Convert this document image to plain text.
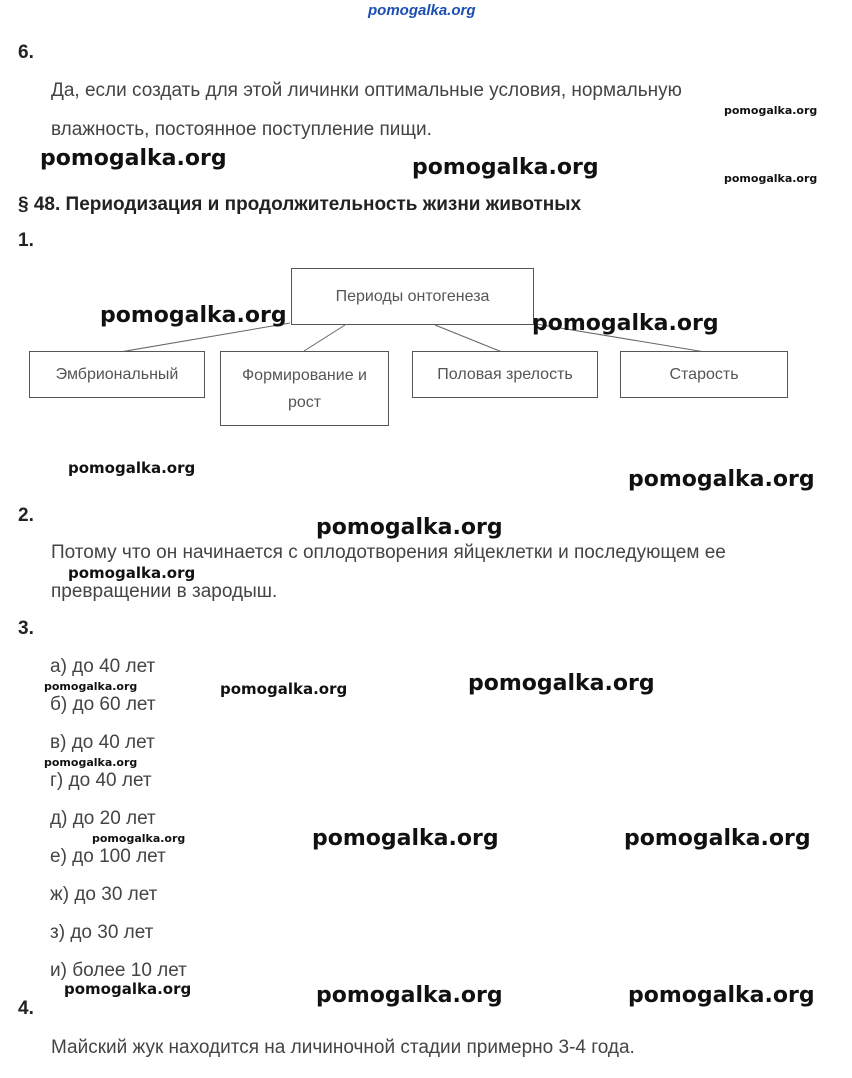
pomogalka.org
6.
Да, если создать для этой личинки оптимальные условия, нормальную
влажность, постоянное поступление пищи.
§ 48. Периодизация и продолжительность жизни животных
1.
Периоды онтогенеза
Эмбриональный	Формирование и рост
Половая зрелость	Старость
2.
Потому что он начинается с оплодотворения яйцеклетки и последующем ее
превращении в зародыш.
3.
а) до 40 лет
б) до 60 лет
в) до 40 лет
г) до 40 лет
д) до 20 лет
е) до 100 лет
ж) до 30 лет
з) до 30 лет
и) более 10 лет
4.
Майский жук находится на личиночной стадии примерно 3-4 года.
pomogalka.org	pomogalka.org
pomogalka.org
pomogalka.org
pomogalka.org	pomogalka.org
pomogalka.org	pomogalka.org
pomogalka.org
pomogalka.org
pomogalka.org	pomogalka.org	pomogalka.org
pomogalka.org
pomogalka.org	pomogalka.org	pomogalka.org
pomogalka.org	pomogalka.org	pomogalka.org
